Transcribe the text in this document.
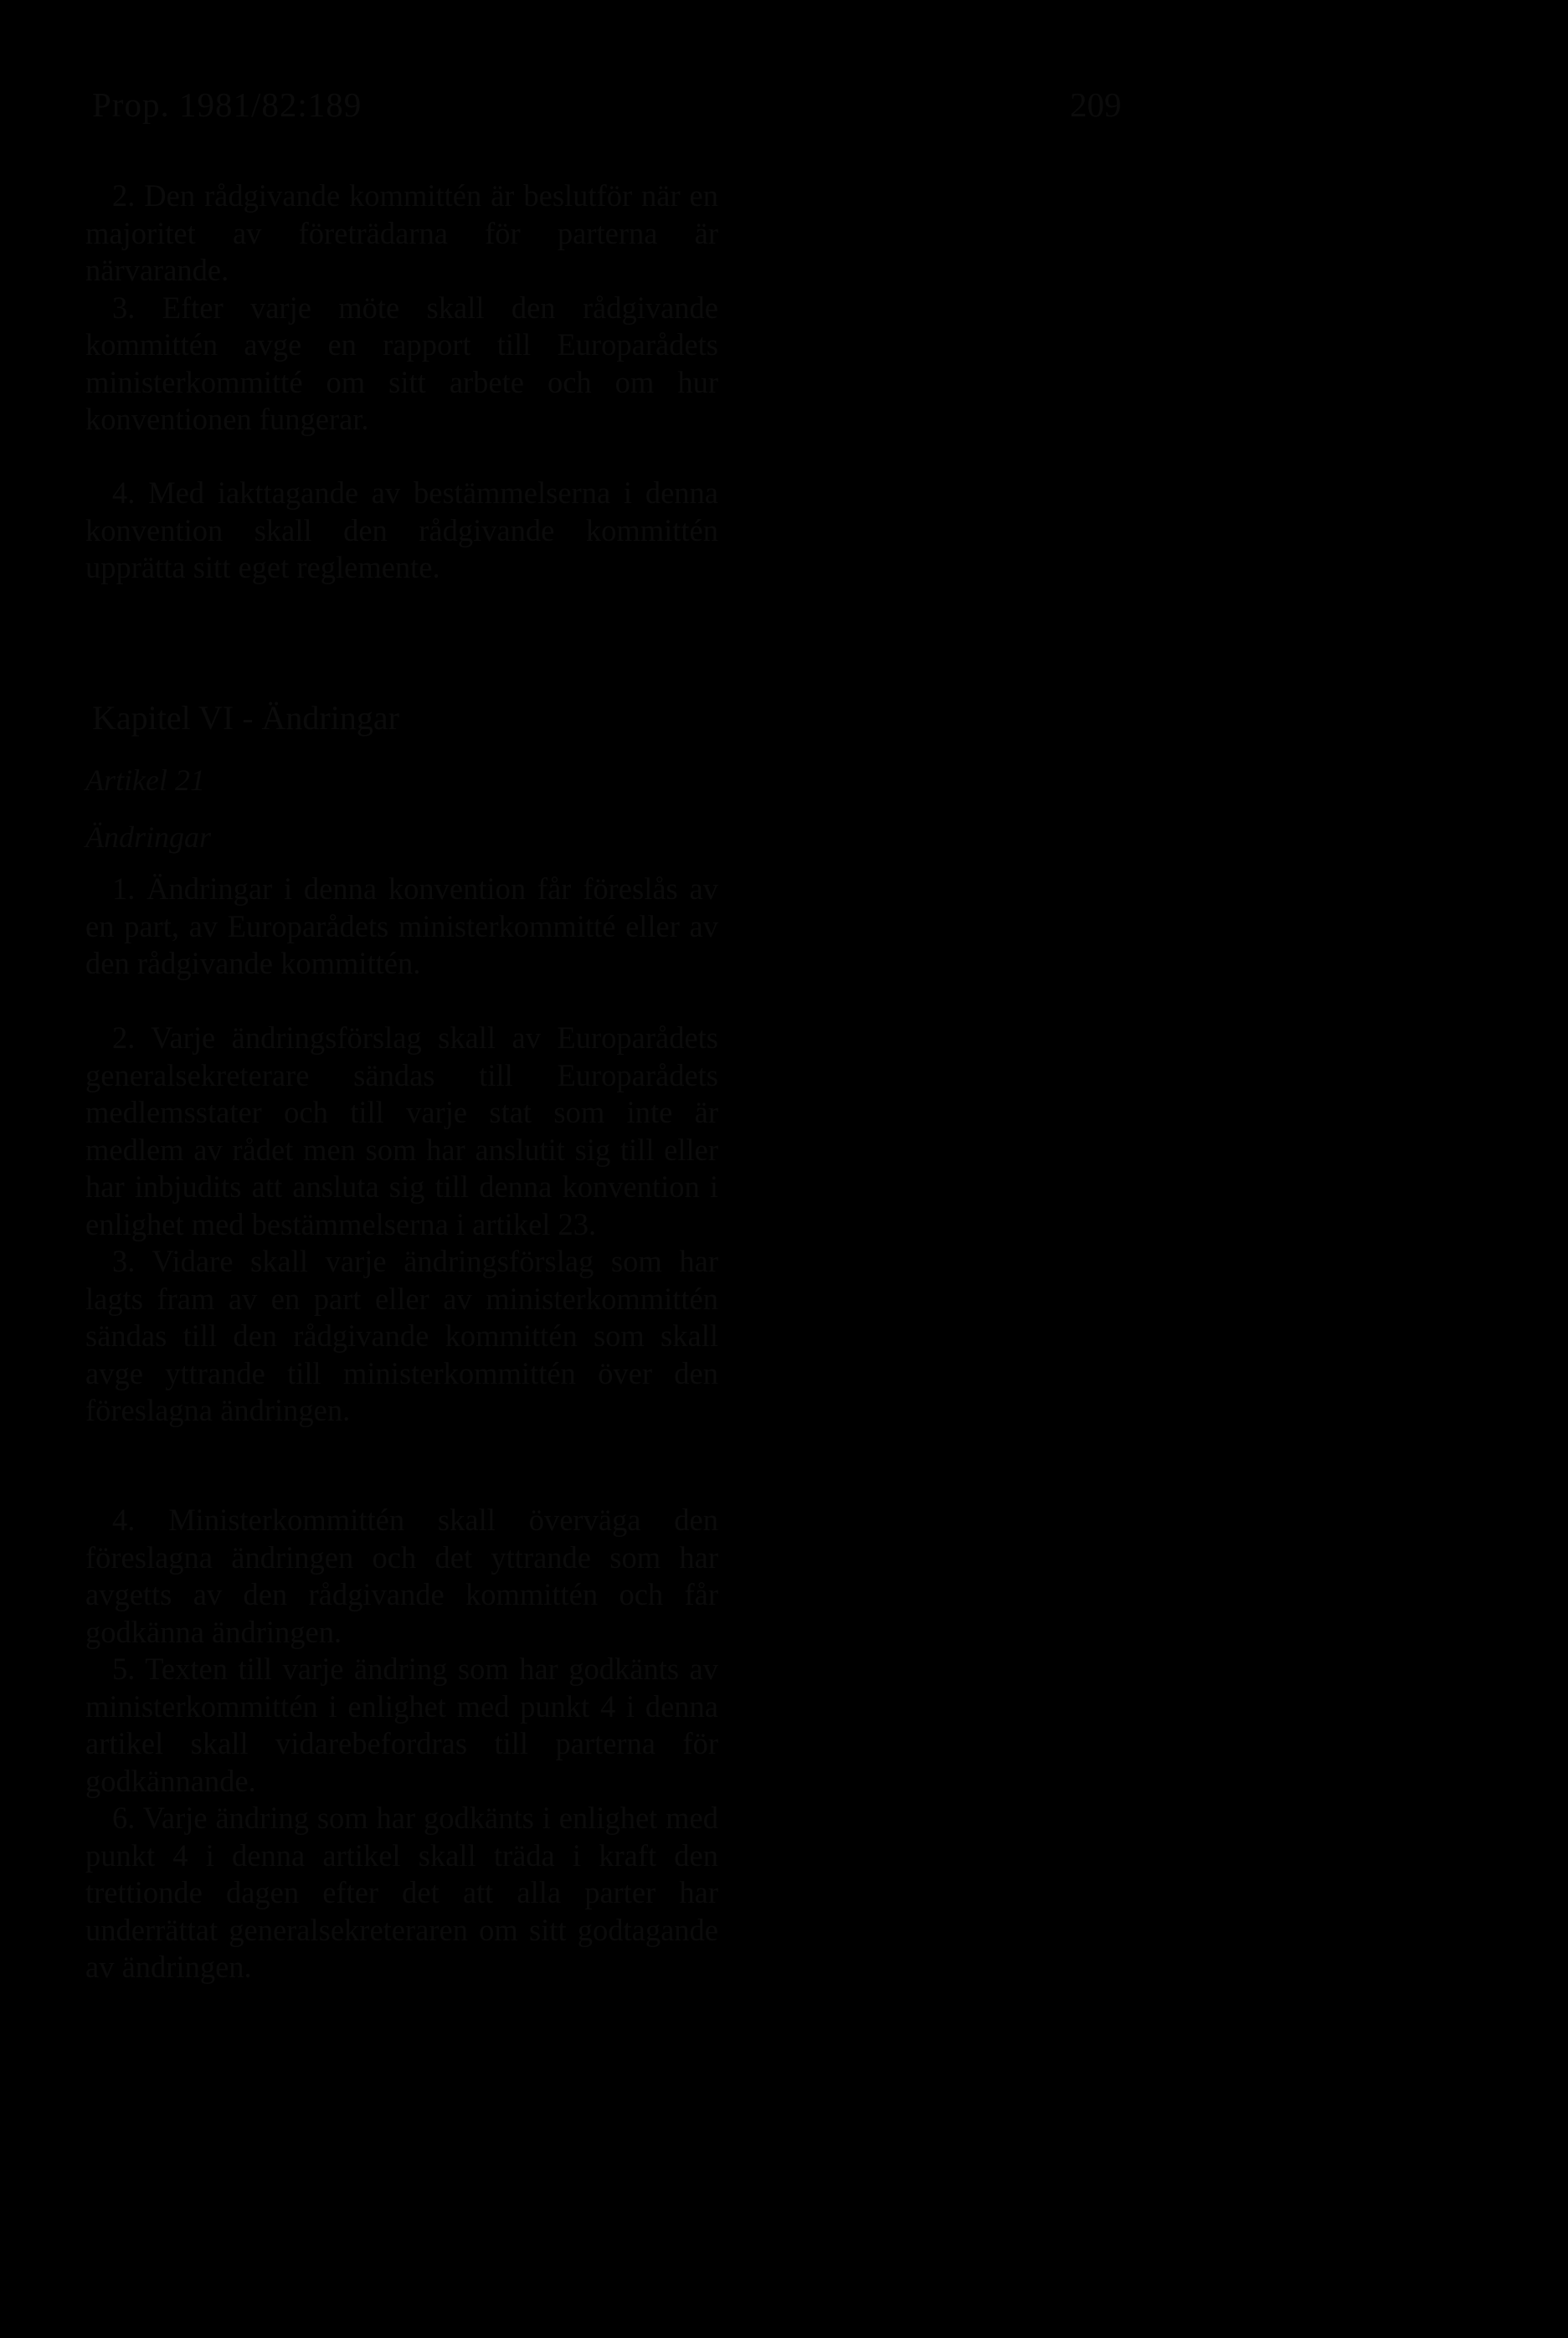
Prop. 1981/82:189	209

2. Den rådgivande kommittén är beslutför när en majoritet av företrädarna för parterna är närvarande.

3. Efter varje möte skall den rådgivande kommittén avge en rapport till Europarådets ministerkommitté om sitt arbete och om hur konventionen fungerar.

4. Med iakttagande av bestämmelserna i denna konvention skall den rådgivande kommittén upprätta sitt eget reglemente.

Kapitel VI - Ändringar
Artikel 21
Ändringar

1. Ändringar i denna konvention får föreslås av en part, av Europarådets ministerkommitté eller av den rådgivande kommittén.

2. Varje ändringsförslag skall av Europarådets generalsekreterare sändas till Europarådets medlemsstater och till varje stat som inte är medlem av rådet men som har anslutit sig till eller har inbjudits att ansluta sig till denna konvention i enlighet med bestämmelserna i artikel 23.

3. Vidare skall varje ändringsförslag som har lagts fram av en part eller av ministerkommittén sändas till den rådgivande kommittén som skall avge yttrande till ministerkommittén över den föreslagna ändringen.

4. Ministerkommittén skall överväga den föreslagna ändringen och det yttrande som har avgetts av den rådgivande kommittén och får godkänna ändringen.

5. Texten till varje ändring som har godkänts av ministerkommittén i enlighet med punkt 4 i denna artikel skall vidarebefordras till parterna för godkännande.

6. Varje ändring som har godkänts i enlighet med punkt 4 i denna artikel skall träda i kraft den trettionde dagen efter det att alla parter har underrättat generalsekreteraren om sitt godtagande av ändringen.
